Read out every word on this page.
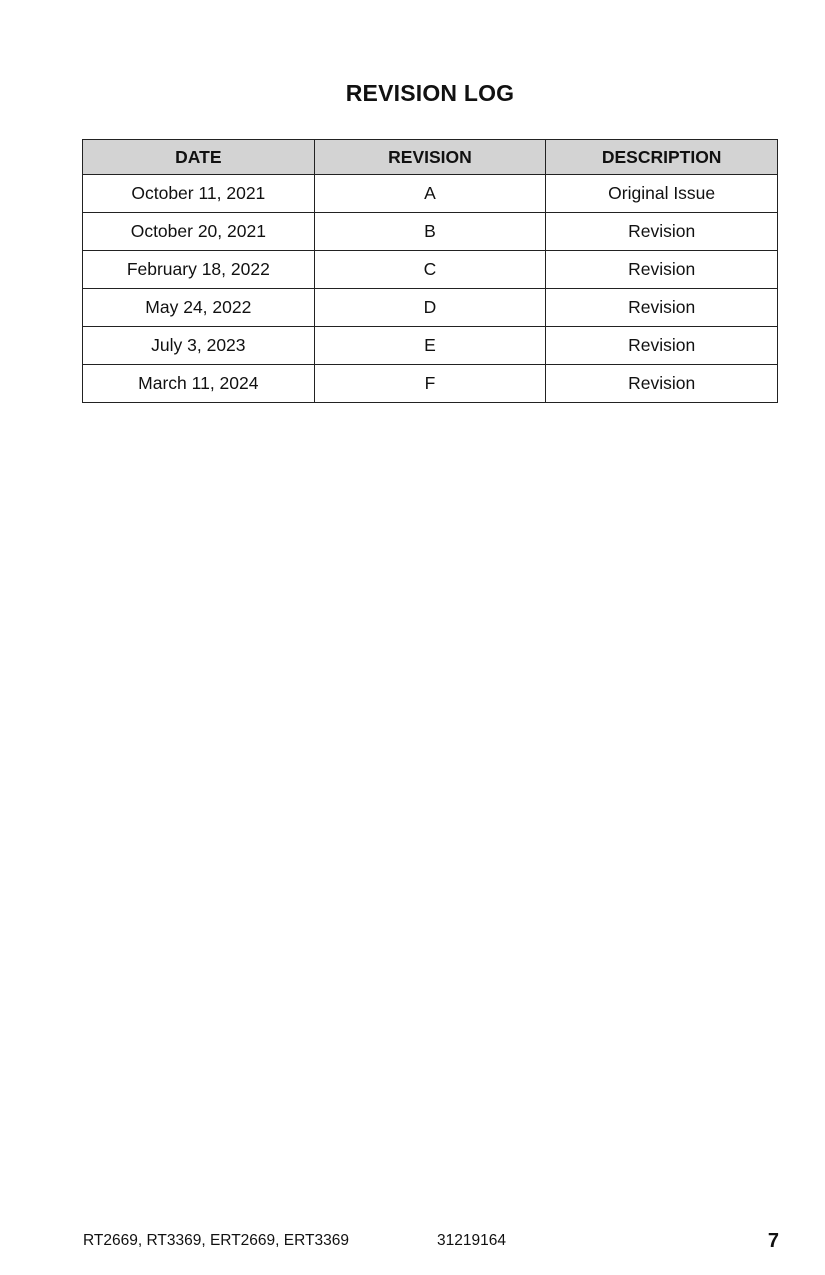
REVISION LOG
DATE	REVISION	DESCRIPTION
October 11, 2021	A	Original Issue
October 20, 2021	B	Revision
February 18, 2022	C	Revision
May 24, 2022	D	Revision
July 3, 2023	E	Revision
March 11, 2024	F	Revision
RT2669, RT3369, ERT2669, ERT3369	31219164	7
